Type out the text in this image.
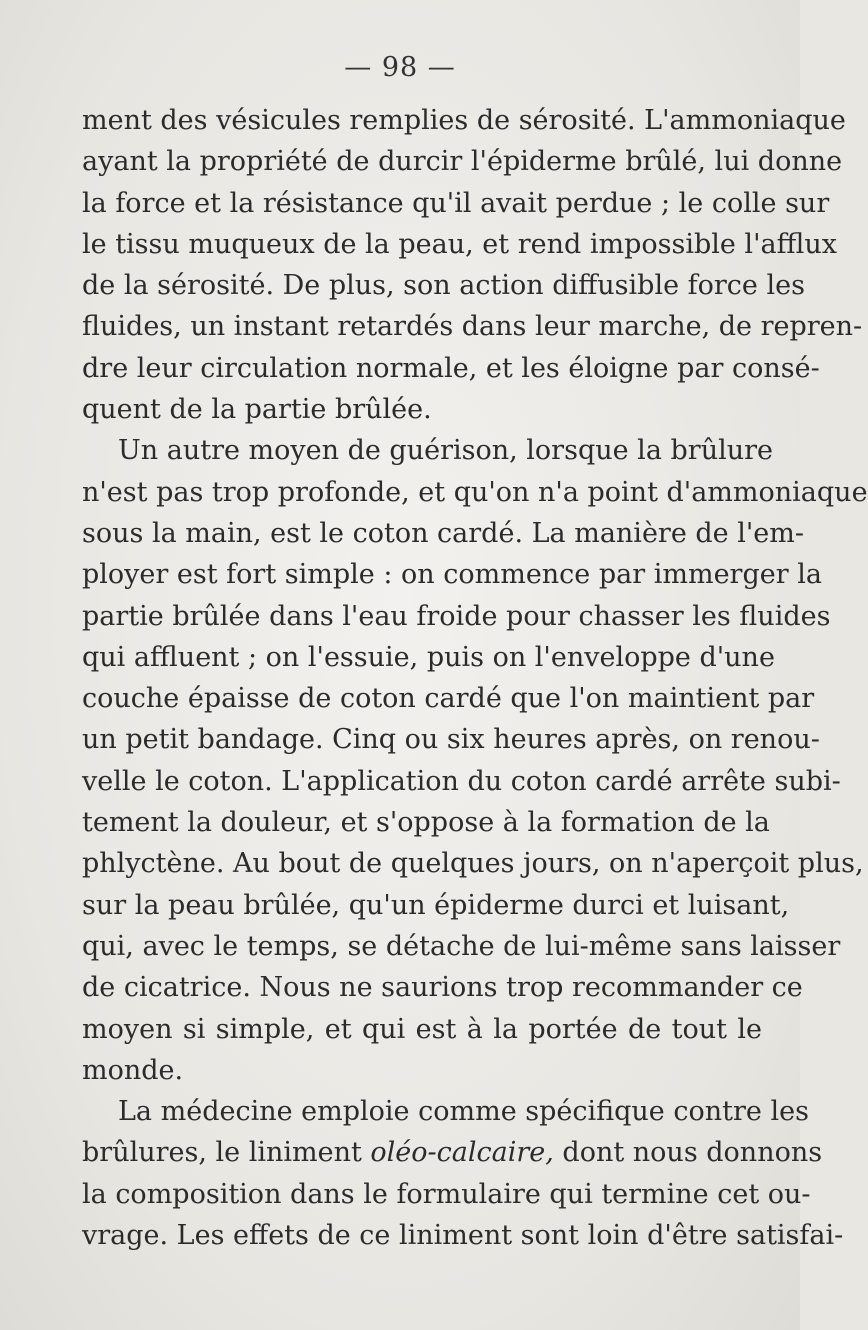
— 98 —
ment des vésicules remplies de sérosité. L'ammoniaque
ayant la propriété de durcir l'épiderme brûlé, lui donne
la force et la résistance qu'il avait perdue ; le colle sur
le tissu muqueux de la peau, et rend impossible l'afflux
de la sérosité. De plus, son action diffusible force les
fluides, un instant retardés dans leur marche, de repren-
dre leur circulation normale, et les éloigne par consé-
quent de la partie brûlée.
Un autre moyen de guérison, lorsque la brûlure
n'est pas trop profonde, et qu'on n'a point d'ammoniaque
sous la main, est le coton cardé. La manière de l'em-
ployer est fort simple : on commence par immerger la
partie brûlée dans l'eau froide pour chasser les fluides
qui affluent ; on l'essuie, puis on l'enveloppe d'une
couche épaisse de coton cardé que l'on maintient par
un petit bandage. Cinq ou six heures après, on renou-
velle le coton. L'application du coton cardé arrête subi-
tement la douleur, et s'oppose à la formation de la
phlyctène. Au bout de quelques jours, on n'aperçoit plus,
sur la peau brûlée, qu'un épiderme durci et luisant,
qui, avec le temps, se détache de lui-même sans laisser
de cicatrice. Nous ne saurions trop recommander ce
moyen si simple, et qui est à la portée de tout le
monde.
La médecine emploie comme spécifique contre les
brûlures, le liniment oléo-calcaire, dont nous donnons
la composition dans le formulaire qui termine cet ou-
vrage. Les effets de ce liniment sont loin d'être satisfai-
